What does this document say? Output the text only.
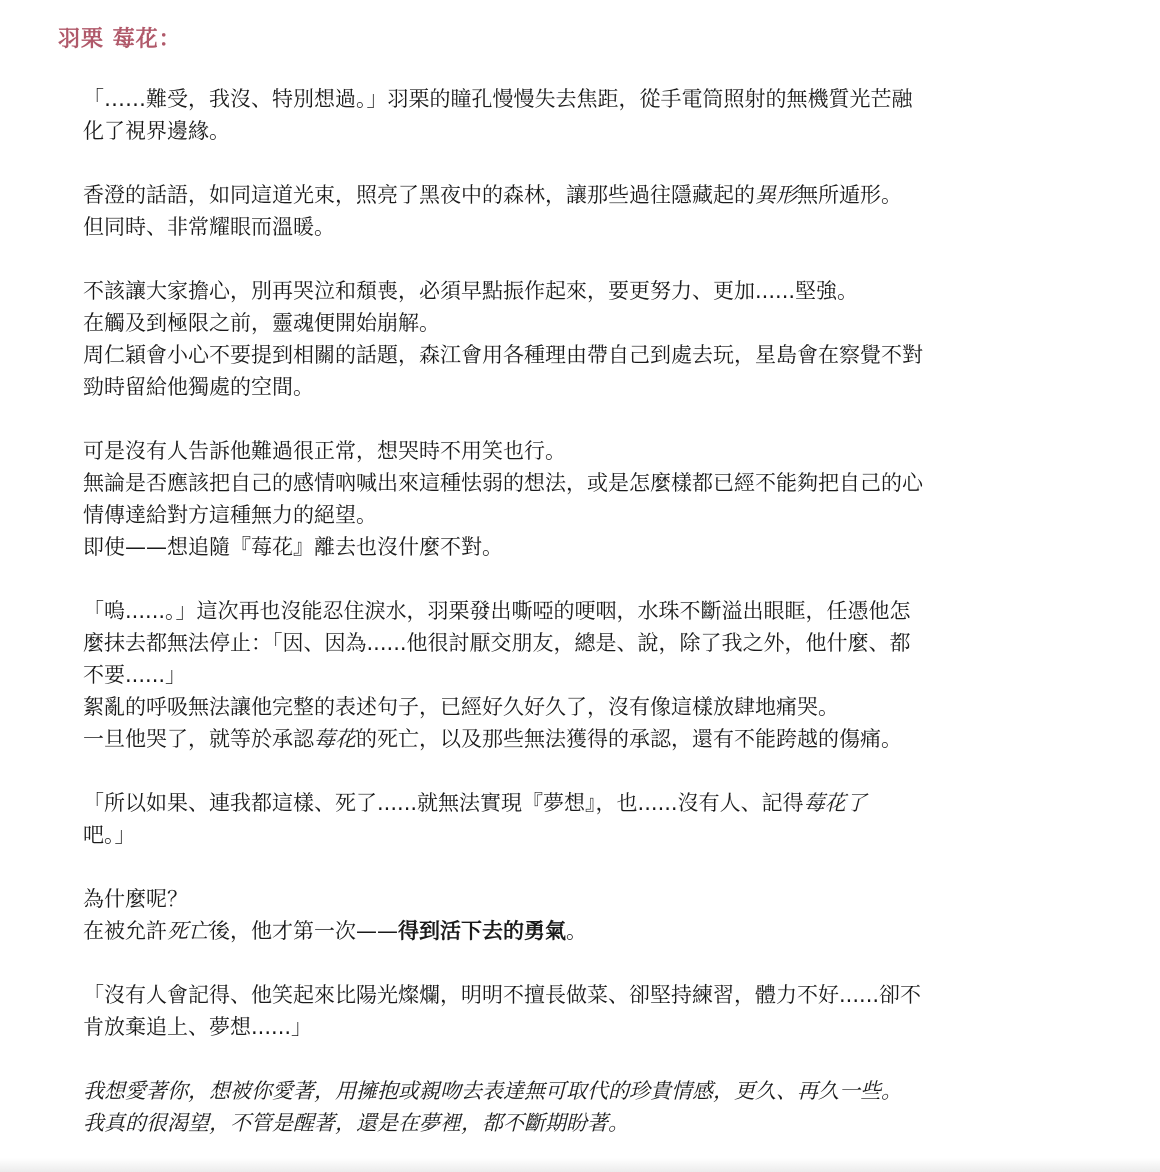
羽栗 莓花：
「……難受，我沒、特別想過。」羽栗的瞳孔慢慢失去焦距，從手電筒照射的無機質光芒融
化了視界邊緣。
香澄的話語，如同這道光束，照亮了黑夜中的森林，讓那些過往隱藏起的異形無所遁形。
但同時、非常耀眼而溫暖。
不該讓大家擔心，別再哭泣和頹喪，必須早點振作起來，要更努力、更加......堅強。
在觸及到極限之前，靈魂便開始崩解。
周仁穎會小心不要提到相關的話題，森江會用各種理由帶自己到處去玩，星島會在察覺不對
勁時留給他獨處的空間。
可是沒有人告訴他難過很正常，想哭時不用笑也行。
無論是否應該把自己的感情吶喊出來這種怯弱的想法，或是怎麼樣都已經不能夠把自己的心
情傳達給對方這種無力的絕望。
即使——想追隨『莓花』離去也沒什麼不對。
「嗚......。」這次再也沒能忍住淚水，羽栗發出嘶啞的哽咽，水珠不斷溢出眼眶，任憑他怎
麼抹去都無法停止：「因、因為......他很討厭交朋友，總是、說，除了我之外，他什麼、都
不要......」
絮亂的呼吸無法讓他完整的表述句子，已經好久好久了，沒有像這樣放肆地痛哭。
一旦他哭了，就等於承認莓花的死亡，以及那些無法獲得的承認，還有不能跨越的傷痛。
「所以如果、連我都這樣、死了......就無法實現『夢想』，也......沒有人、記得莓花了
吧。」
為什麼呢？
在被允許死亡後，他才第一次——得到活下去的勇氣。
「沒有人會記得、他笑起來比陽光燦爛，明明不擅長做菜、卻堅持練習，體力不好......卻不
肯放棄追上、夢想......」
我想愛著你，想被你愛著，用擁抱或親吻去表達無可取代的珍貴情感，更久、再久一些。
我真的很渴望，不管是醒著，還是在夢裡，都不斷期盼著。
